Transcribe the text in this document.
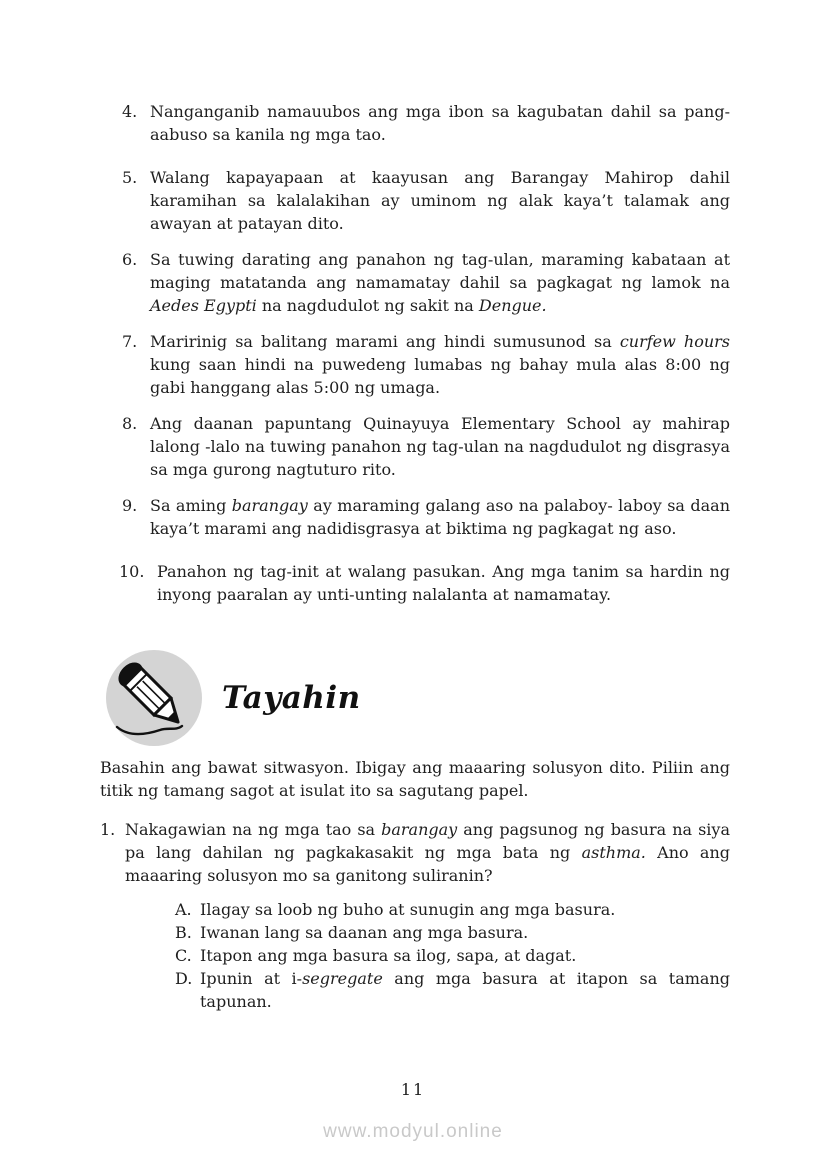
4. Nanganganib namauubos ang mga ibon sa kagubatan dahil sa pang-aabuso sa kanila ng mga tao.
5. Walang kapayapaan at kaayusan ang Barangay Mahirop dahil karamihan sa kalalakihan ay uminom ng alak kaya’t talamak ang awayan at patayan dito.
6. Sa tuwing darating ang panahon ng tag-ulan, maraming kabataan at maging matatanda ang namamatay dahil sa pagkagat ng lamok na Aedes Egypti na nagdudulot ng sakit na Dengue.
7. Maririnig sa balitang marami ang hindi sumusunod sa curfew hours kung saan hindi na puwedeng lumabas ng bahay mula alas 8:00 ng gabi hanggang alas 5:00 ng umaga.
8. Ang daanan papuntang Quinayuya Elementary School ay mahirap lalong -lalo na tuwing panahon ng tag-ulan na nagdudulot ng disgrasya sa mga gurong nagtuturo rito.
9. Sa aming barangay ay maraming galang aso na palaboy- laboy sa daan kaya’t marami ang nadidisgrasya at biktima ng pagkagat ng aso.
10. Panahon ng tag-init at walang pasukan. Ang mga tanim sa hardin ng inyong paaralan ay unti-unting nalalanta at namamatay.
Tayahin

Basahin ang bawat sitwasyon. Ibigay ang maaaring solusyon dito. Piliin ang titik ng tamang sagot at isulat ito sa sagutang papel.

1. Nakagawian na ng mga tao sa barangay ang pagsunog ng basura na siya pa lang dahilan ng pagkakasakit ng mga bata ng asthma. Ano ang maaaring solusyon mo sa ganitong suliranin?
A. Ilagay sa loob ng buho at sunugin ang mga basura.
B. Iwanan lang sa daanan ang mga basura.
C. Itapon ang mga basura sa ilog, sapa, at dagat.
D. Ipunin at i-segregate ang mga basura at itapon sa tamang tapunan.
11
www.modyul.online
